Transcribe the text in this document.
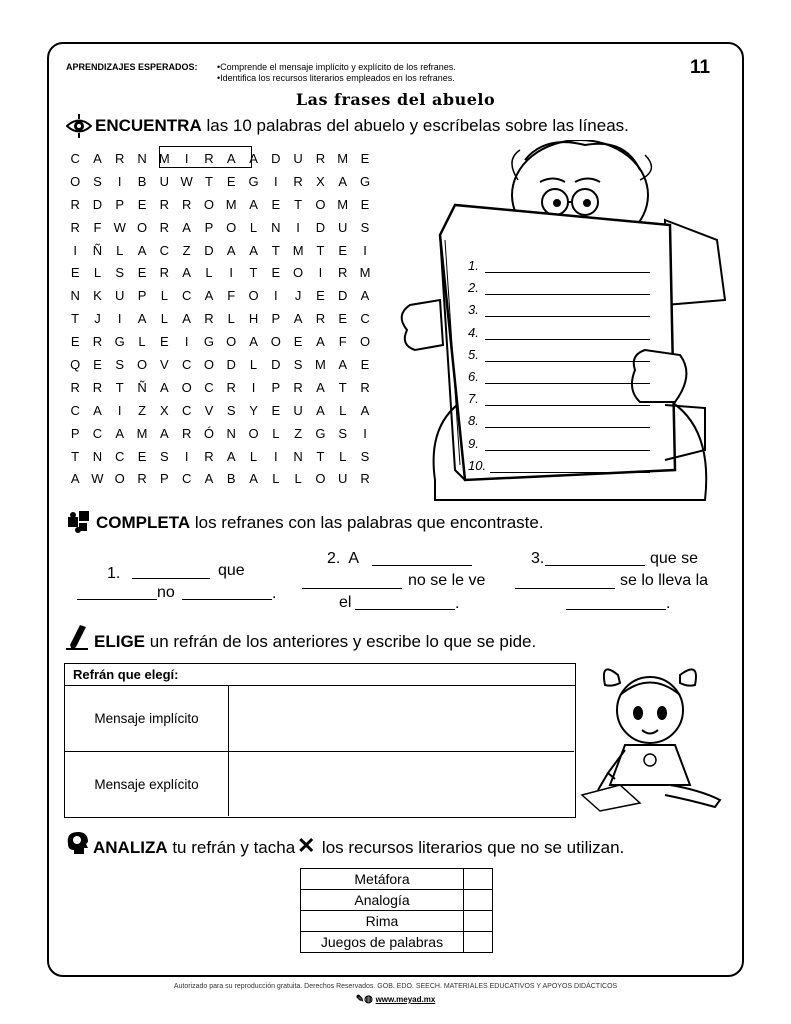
APRENDIZAJES ESPERADOS: •Comprende el mensaje implícito y explícito de los refranes.
•Identifica los recursos literarios empleados en los refranes.	11
Las frases del abuelo
ENCUENTRA las 10 palabras del abuelo y escríbelas sobre las líneas.
C	A	R N M	I	R	A	A	D U R M E
O S	I	B	U W T	E G	I	R	X	A G
R D	P	E	R R O M A	E	T	O M E
R	F W O R	A	P O	L	N	I	D U	S
I	Ñ	L	A	C	Z	D	A	A	T M T	E	I
E	L	S	E	R	A	L	I	T	E O	I	R M
N	K	U	P	L	C	A	F	O	I	J	E	D	A
T	J	I	A	L	A	R	L	H	P	A	R	E	C
E	R G	L	E	I	G O A O E	A	F	O
Q E	S O V	C O D	L	D	S M A	E
R R	T	Ñ	A O C R	I	P	R	A	T	R
C	A	I	Z	X	C	V	S	Y	E	U	A	L	A
P	C	A M A	R Ó N O	L	Z	G S	I
T	N C	E	S	I	R	A	L	I	N	T	L	S
A W O R	P	C	A	B	A	L	L	O U R
1.
2.
3.
4.
5.
6.
7.
8.
9.
10.
COMPLETA los refranes con las palabras que encontraste.
1.	que
no	.
2.  A
no se le ve
el	.
3.	que se
se lo lleva la
.
ELIGE un refrán de los anteriores y escribe lo que se pide.
Refrán que elegí:
Mensaje implícito
Mensaje explícito
ANALIZA tu refrán y tacha✕ los recursos literarios que no se utilizan.
Metáfora	
Analogía	
Rima	
Juegos de palabras	
Autorizado para su reproducción gratuita. Derechos Reservados. GOB. EDO. SEECH. MATERIALES EDUCATIVOS Y APOYOS DIDÁCTICOS
✎◍ www.meyad.mx
